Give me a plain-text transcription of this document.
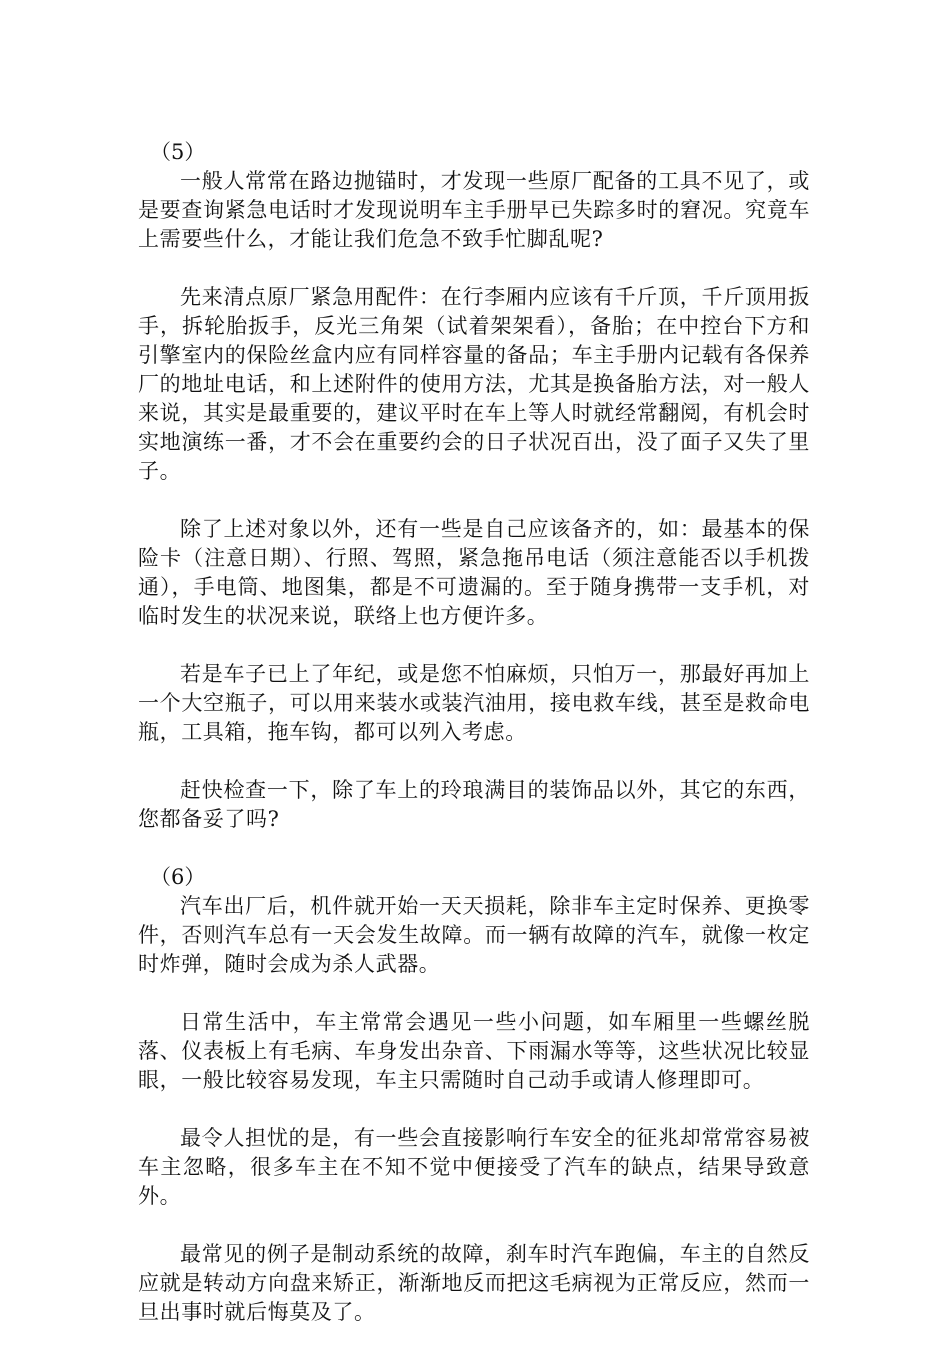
（5）

一般人常常在路边抛锚时，才发现一些原厂配备的工具不见了，或是要查询紧急电话时才发现说明车主手册早已失踪多时的窘况。究竟车上需要些什么，才能让我们危急不致手忙脚乱呢?

先来清点原厂紧急用配件：在行李厢内应该有千斤顶，千斤顶用扳手，拆轮胎扳手，反光三角架（试着架架看），备胎；在中控台下方和引擎室内的保险丝盒内应有同样容量的备品；车主手册内记载有各保养厂的地址电话，和上述附件的使用方法，尤其是换备胎方法，对一般人来说，其实是最重要的，建议平时在车上等人时就经常翻阅，有机会时实地演练一番，才不会在重要约会的日子状况百出，没了面子又失了里子。

除了上述对象以外，还有一些是自己应该备齐的，如：最基本的保险卡（注意日期）、行照、驾照，紧急拖吊电话（须注意能否以手机拨通），手电筒、地图集，都是不可遗漏的。至于随身携带一支手机，对临时发生的状况来说，联络上也方便许多。

若是车子已上了年纪，或是您不怕麻烦，只怕万一，那最好再加上一个大空瓶子，可以用来装水或装汽油用，接电救车线，甚至是救命电瓶，工具箱，拖车钩，都可以列入考虑。

赶快检查一下，除了车上的玲琅满目的装饰品以外，其它的东西，您都备妥了吗?

（6）

汽车出厂后，机件就开始一天天损耗，除非车主定时保养、更换零件，否则汽车总有一天会发生故障。而一辆有故障的汽车，就像一枚定时炸弹，随时会成为杀人武器。

日常生活中，车主常常会遇见一些小问题，如车厢里一些螺丝脱落、仪表板上有毛病、车身发出杂音、下雨漏水等等，这些状况比较显眼，一般比较容易发现，车主只需随时自己动手或请人修理即可。

最令人担忧的是，有一些会直接影响行车安全的征兆却常常容易被车主忽略，很多车主在不知不觉中便接受了汽车的缺点，结果导致意外。

最常见的例子是制动系统的故障，刹车时汽车跑偏，车主的自然反应就是转动方向盘来矫正，渐渐地反而把这毛病视为正常反应，然而一旦出事时就后悔莫及了。
